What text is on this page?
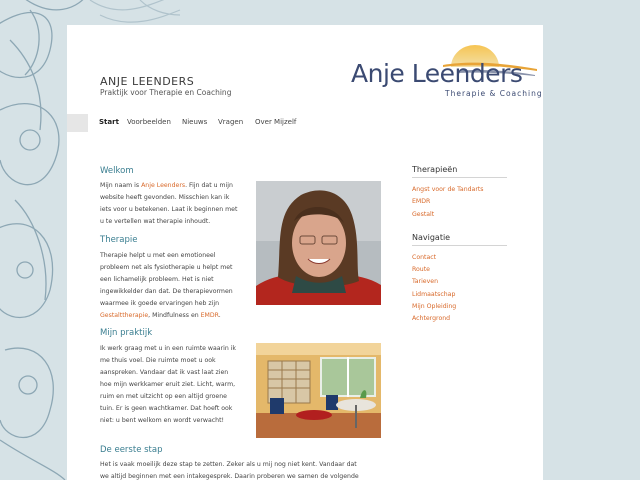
ANJE LEENDERS
Praktijk voor Therapie en Coaching
Anje Leenders
Therapie & Coaching
Start Voorbeelden Nieuws Vragen Over Mijzelf
Welkom
Mijn naam is Anje Leenders. Fijn dat u mijn
website heeft gevonden. Misschien kan ik
iets voor u betekenen. Laat ik beginnen met
u te vertellen wat therapie inhoudt.
Therapie
Therapie helpt u met een emotioneel
probleem net als fysiotherapie u helpt met
een lichamelijk probleem. Het is niet
ingewikkelder dan dat. De therapievormen
waarmee ik goede ervaringen heb zijn
Gestalttherapie, Mindfulness en EMDR.
Mijn praktijk
Ik werk graag met u in een ruimte waarin ik
me thuis voel. Die ruimte moet u ook
aanspreken. Vandaar dat ik vast laat zien
hoe mijn werkkamer eruit ziet. Licht, warm,
ruim en met uitzicht op een altijd groene
tuin. Er is geen wachtkamer. Dat hoeft ook
niet: u bent welkom en wordt verwacht!
De eerste stap
Het is vaak moeilijk deze stap te zetten. Zeker als u mij nog niet kent. Vandaar dat
we altijd beginnen met een intakegesprek. Daarin proberen we samen de volgende
Therapieën
Angst voor de Tandarts
EMDR
Gestalt
Navigatie
Contact
Route
Tarieven
Lidmaatschap
Mijn Opleiding
Achtergrond
